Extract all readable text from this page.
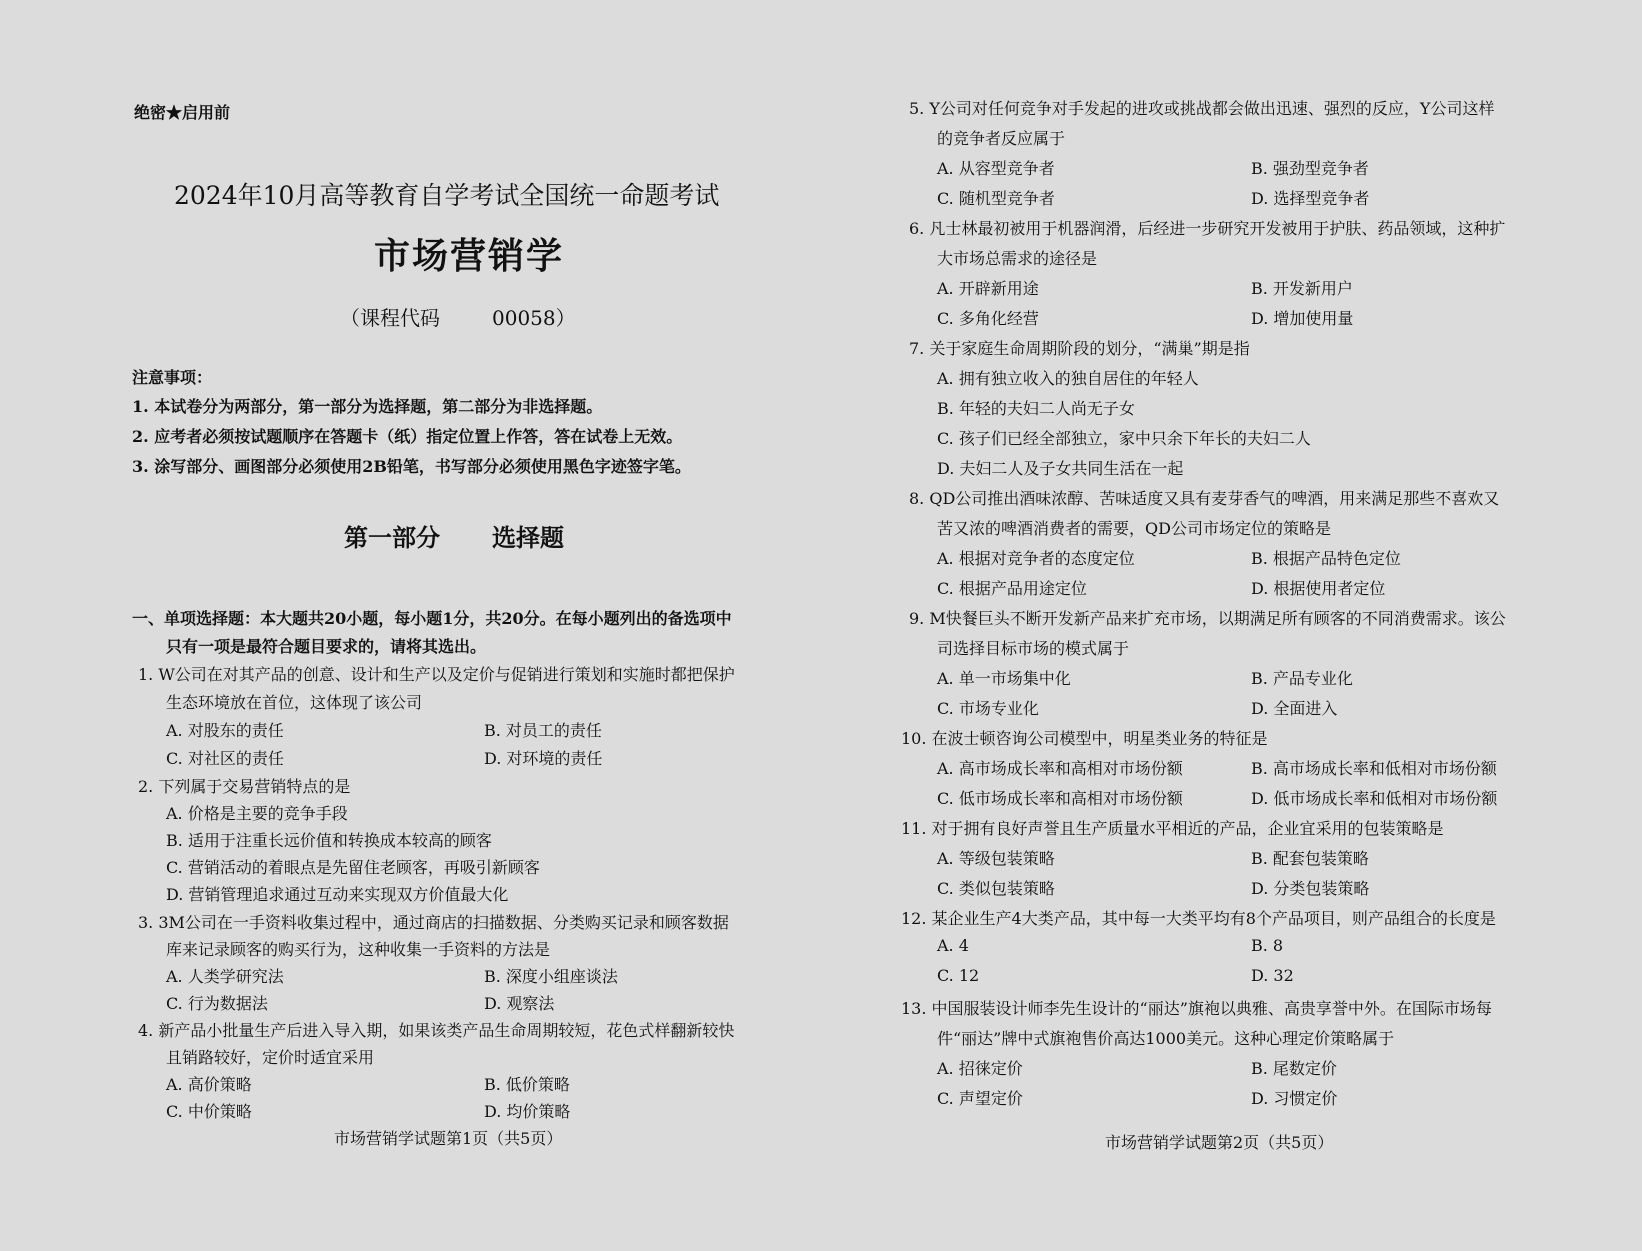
绝密★启用前
2024年10月高等教育自学考试全国统一命题考试
市场营销学
（课程代码	00058）
注意事项：
1. 本试卷分为两部分，第一部分为选择题，第二部分为非选择题。
2. 应考者必须按试题顺序在答题卡（纸）指定位置上作答，答在试卷上无效。
3. 涂写部分、画图部分必须使用2B铅笔，书写部分必须使用黑色字迹签字笔。
第一部分 选择题
一、单项选择题：本大题共20小题，每小题1分，共20分。在每小题列出的备选项中
只有一项是最符合题目要求的，请将其选出。
1. W公司在对其产品的创意、设计和生产以及定价与促销进行策划和实施时都把保护
生态环境放在首位，这体现了该公司
A. 对股东的责任	B. 对员工的责任
C. 对社区的责任	D. 对环境的责任
2. 下列属于交易营销特点的是
A. 价格是主要的竞争手段
B. 适用于注重长远价值和转换成本较高的顾客
C. 营销活动的着眼点是先留住老顾客，再吸引新顾客
D. 营销管理追求通过互动来实现双方价值最大化
3. 3M公司在一手资料收集过程中，通过商店的扫描数据、分类购买记录和顾客数据
库来记录顾客的购买行为，这种收集一手资料的方法是
A. 人类学研究法	B. 深度小组座谈法
C. 行为数据法	D. 观察法
4. 新产品小批量生产后进入导入期，如果该类产品生命周期较短，花色式样翻新较快
且销路较好，定价时适宜采用
A. 高价策略	B. 低价策略
C. 中价策略	D. 均价策略
市场营销学试题第1页（共5页）
5. Y公司对任何竞争对手发起的进攻或挑战都会做出迅速、强烈的反应，Y公司这样
的竞争者反应属于
A. 从容型竞争者	B. 强劲型竞争者
C. 随机型竞争者	D. 选择型竞争者
6. 凡士林最初被用于机器润滑，后经进一步研究开发被用于护肤、药品领域，这种扩
大市场总需求的途径是
A. 开辟新用途	B. 开发新用户
C. 多角化经营	D. 增加使用量
7. 关于家庭生命周期阶段的划分，“满巢”期是指
A. 拥有独立收入的独自居住的年轻人
B. 年轻的夫妇二人尚无子女
C. 孩子们已经全部独立，家中只余下年长的夫妇二人
D. 夫妇二人及子女共同生活在一起
8. QD公司推出酒味浓醇、苦味适度又具有麦芽香气的啤酒，用来满足那些不喜欢又
苦又浓的啤酒消费者的需要，QD公司市场定位的策略是
A. 根据对竞争者的态度定位	B. 根据产品特色定位
C. 根据产品用途定位	D. 根据使用者定位
9. M快餐巨头不断开发新产品来扩充市场，以期满足所有顾客的不同消费需求。该公
司选择目标市场的模式属于
A. 单一市场集中化	B. 产品专业化
C. 市场专业化	D. 全面进入
10. 在波士顿咨询公司模型中，明星类业务的特征是
A. 高市场成长率和高相对市场份额	B. 高市场成长率和低相对市场份额
C. 低市场成长率和高相对市场份额	D. 低市场成长率和低相对市场份额
11. 对于拥有良好声誉且生产质量水平相近的产品，企业宜采用的包装策略是
A. 等级包装策略	B. 配套包装策略
C. 类似包装策略	D. 分类包装策略
12. 某企业生产4大类产品，其中每一大类平均有8个产品项目，则产品组合的长度是
A. 4	B. 8
C. 12	D. 32
13. 中国服装设计师李先生设计的“丽达”旗袍以典雅、高贵享誉中外。在国际市场每
件“丽达”牌中式旗袍售价高达1000美元。这种心理定价策略属于
A. 招徕定价	B. 尾数定价
C. 声望定价	D. 习惯定价
市场营销学试题第2页（共5页）
